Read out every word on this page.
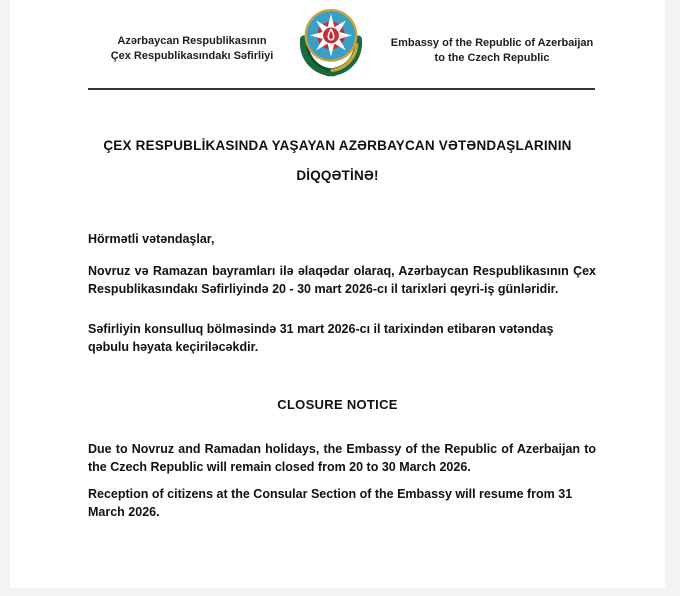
Azərbaycan Respublikasının
Çex Respublikasındakı Səfirliyi
Embassy of the Republic of Azerbaijan
to the Czech Republic
ÇEX RESPUBLİKASINDA YAŞAYAN AZƏRBAYCAN VƏTƏNDAŞLARININ
DİQQƏTİNƏ!
Hörmətli vətəndaşlar,
Novruz və Ramazan bayramları ilə əlaqədar olaraq, Azərbaycan Respublikasının Çex Respublikasındakı Səfirliyində 20 - 30 mart 2026-cı il tarixləri qeyri-iş günləridir.
Səfirliyin konsulluq bölməsində 31 mart 2026-cı il tarixindən etibarən vətəndaş qəbulu həyata keçiriləcəkdir.
CLOSURE NOTICE
Due to Novruz and Ramadan holidays, the Embassy of the Republic of Azerbaijan to the Czech Republic will remain closed from 20 to 30 March 2026.
Reception of citizens at the Consular Section of the Embassy will resume from 31 March 2026.
